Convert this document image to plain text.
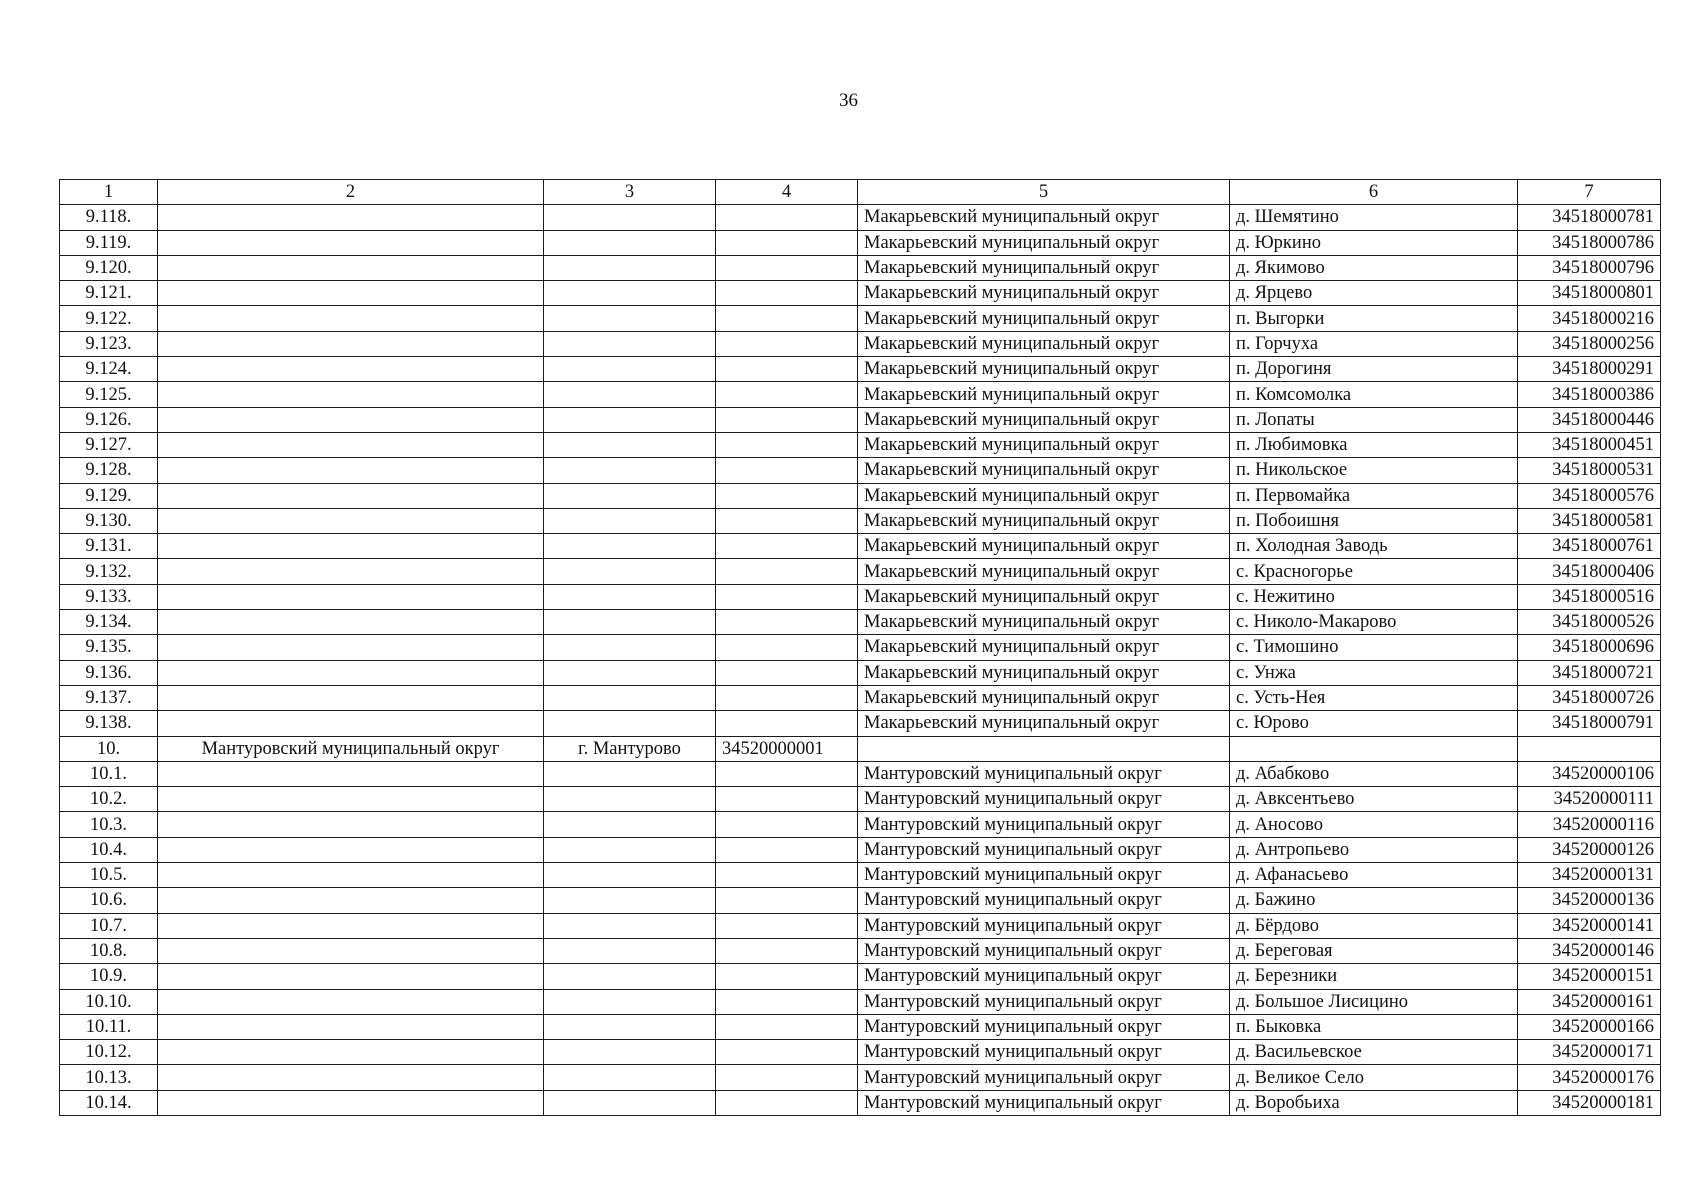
36
1	2	3	4	5	6	7
9.118.				Макарьевский муниципальный округ	д. Шемятино	34518000781
9.119.				Макарьевский муниципальный округ	д. Юркино	34518000786
9.120.				Макарьевский муниципальный округ	д. Якимово	34518000796
9.121.				Макарьевский муниципальный округ	д. Ярцево	34518000801
9.122.				Макарьевский муниципальный округ	п. Выгорки	34518000216
9.123.				Макарьевский муниципальный округ	п. Горчуха	34518000256
9.124.				Макарьевский муниципальный округ	п. Дорогиня	34518000291
9.125.				Макарьевский муниципальный округ	п. Комсомолка	34518000386
9.126.				Макарьевский муниципальный округ	п. Лопаты	34518000446
9.127.				Макарьевский муниципальный округ	п. Любимовка	34518000451
9.128.				Макарьевский муниципальный округ	п. Никольское	34518000531
9.129.				Макарьевский муниципальный округ	п. Первомайка	34518000576
9.130.				Макарьевский муниципальный округ	п. Побоишня	34518000581
9.131.				Макарьевский муниципальный округ	п. Холодная Заводь	34518000761
9.132.				Макарьевский муниципальный округ	с. Красногорье	34518000406
9.133.				Макарьевский муниципальный округ	с. Нежитино	34518000516
9.134.				Макарьевский муниципальный округ	с. Николо-Макарово	34518000526
9.135.				Макарьевский муниципальный округ	с. Тимошино	34518000696
9.136.				Макарьевский муниципальный округ	с. Унжа	34518000721
9.137.				Макарьевский муниципальный округ	с. Усть-Нея	34518000726
9.138.				Макарьевский муниципальный округ	с. Юрово	34518000791
10.	Мантуровский муниципальный округ	г. Мантурово	34520000001			
10.1.				Мантуровский муниципальный округ	д. Абабково	34520000106
10.2.				Мантуровский муниципальный округ	д. Авксентьево	34520000111
10.3.				Мантуровский муниципальный округ	д. Аносово	34520000116
10.4.				Мантуровский муниципальный округ	д. Антропьево	34520000126
10.5.				Мантуровский муниципальный округ	д. Афанасьево	34520000131
10.6.				Мантуровский муниципальный округ	д. Бажино	34520000136
10.7.				Мантуровский муниципальный округ	д. Бёрдово	34520000141
10.8.				Мантуровский муниципальный округ	д. Береговая	34520000146
10.9.				Мантуровский муниципальный округ	д. Березники	34520000151
10.10.				Мантуровский муниципальный округ	д. Большое Лисицино	34520000161
10.11.				Мантуровский муниципальный округ	п. Быковка	34520000166
10.12.				Мантуровский муниципальный округ	д. Васильевское	34520000171
10.13.				Мантуровский муниципальный округ	д. Великое Село	34520000176
10.14.				Мантуровский муниципальный округ	д. Воробьиха	34520000181
